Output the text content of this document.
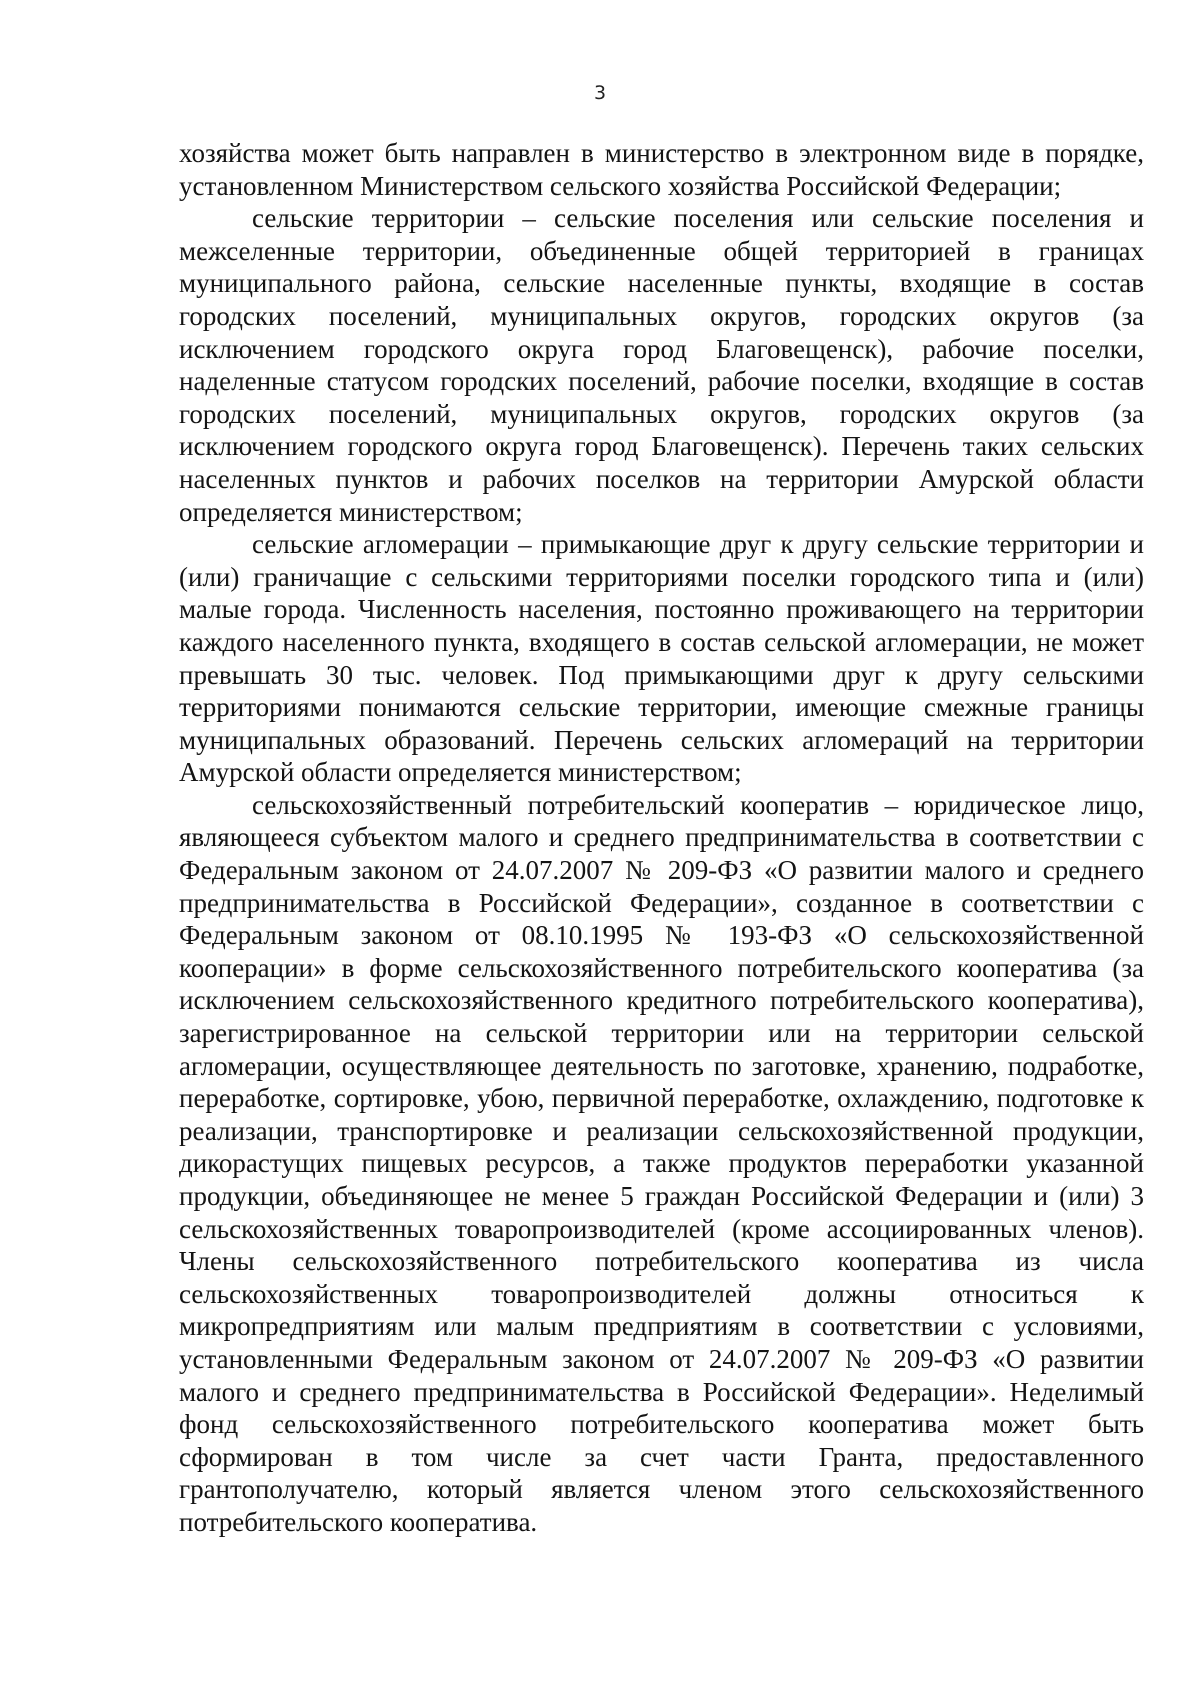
3

хозяйства может быть направлен в министерство в электронном виде в порядке, установленном Министерством сельского хозяйства Российской Федерации;

сельские территории – сельские поселения или сельские поселения и межселенные территории, объединенные общей территорией в границах муниципального района, сельские населенные пункты, входящие в состав городских поселений, муниципальных округов, городских округов (за исключением городского округа город Благовещенск), рабочие поселки, наделенные статусом городских поселений, рабочие поселки, входящие в состав городских поселений, муниципальных округов, городских округов (за исключением городского округа город Благовещенск). Перечень таких сельских населенных пунктов и рабочих поселков на территории Амурской области определяется министерством;

сельские агломерации – примыкающие друг к другу сельские территории и (или) граничащие с сельскими территориями поселки городского типа и (или) малые города. Численность населения, постоянно проживающего на территории каждого населенного пункта, входящего в состав сельской агломерации, не может превышать 30 тыс. человек. Под примыкающими друг к другу сельскими территориями понимаются сельские территории, имеющие смежные границы муниципальных образований. Перечень сельских агломераций на территории Амурской области определяется министерством;

сельскохозяйственный потребительский кооператив – юридическое лицо, являющееся субъектом малого и среднего предпринимательства в соответствии с Федеральным законом от 24.07.2007 № 209-ФЗ «О развитии малого и среднего предпринимательства в Российской Федерации», созданное в соответствии с Федеральным законом от 08.10.1995 № 193-ФЗ «О сельскохозяйственной кооперации» в форме сельскохозяйственного потребительского кооператива (за исключением сельскохозяйственного кредитного потребительского кооператива), зарегистрированное на сельской территории или на территории сельской агломерации, осуществляющее деятельность по заготовке, хранению, подработке, переработке, сортировке, убою, первичной переработке, охлаждению, подготовке к реализации, транспортировке и реализации сельскохозяйственной продукции, дикорастущих пищевых ресурсов, а также продуктов переработки указанной продукции, объединяющее не менее 5 граждан Российской Федерации и (или) 3 сельскохозяйственных товаропроизводителей (кроме ассоциированных членов). Члены сельскохозяйственного потребительского кооператива из числа сельскохозяйственных товаропроизводителей должны относиться к микропредприятиям или малым предприятиям в соответствии с условиями, установленными Федеральным законом от 24.07.2007 № 209-ФЗ «О развитии малого и среднего предпринимательства в Российской Федерации». Неделимый фонд сельскохозяйственного потребительского кооператива может быть сформирован в том числе за счет части Гранта, предоставленного грантополучателю, который является членом этого сельскохозяйственного потребительского кооператива.
